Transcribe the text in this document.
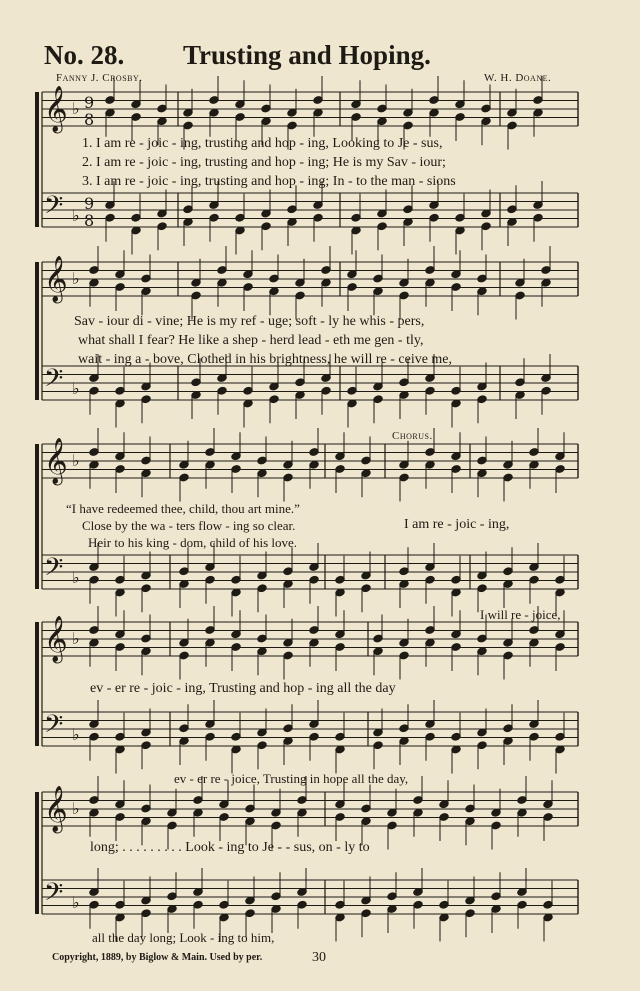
No. 28. Trusting and Hoping.
Fanny J. Crosby.	W. H. Doane.
𝄞
𝄢
♭
♭
9
8
9
8
𝄞
𝄢
♭
♭
𝄞
𝄢
♭
♭
𝄞
𝄢
♭
♭
𝄞
𝄢
♭
♭
1. I am re - joic - ing, trusting and hop - ing, Looking to Je - sus,
2. I am re - joic - ing, trusting and hop - ing; He is my Sav - iour;
3. I am re - joic - ing, trusting and hop - ing; In - to the man - sions
Sav - iour di - vine; He is my ref - uge; soft - ly he whis - pers,
what shall I fear? He like a shep - herd lead - eth me gen - tly,
wait - ing a - bove, Clothed in his brightness, he will re - ceive me,
Chorus.
“I have redeemed thee, child, thou art mine.”
Close by the wa - ters flow - ing so clear.
Heir to his king - dom, child of his love.
I am re - joic - ing,
I will re - joice,
ev - er re - joic - ing, Trusting and hop - ing all the day
ev - er re - joice, Trusting in hope all the day,
long; . . . . . . . . . Look - ing to Je - - sus, on - ly to
all the day long; Look - ing to him,
Copyright, 1889, by Biglow & Main. Used by per.	30
